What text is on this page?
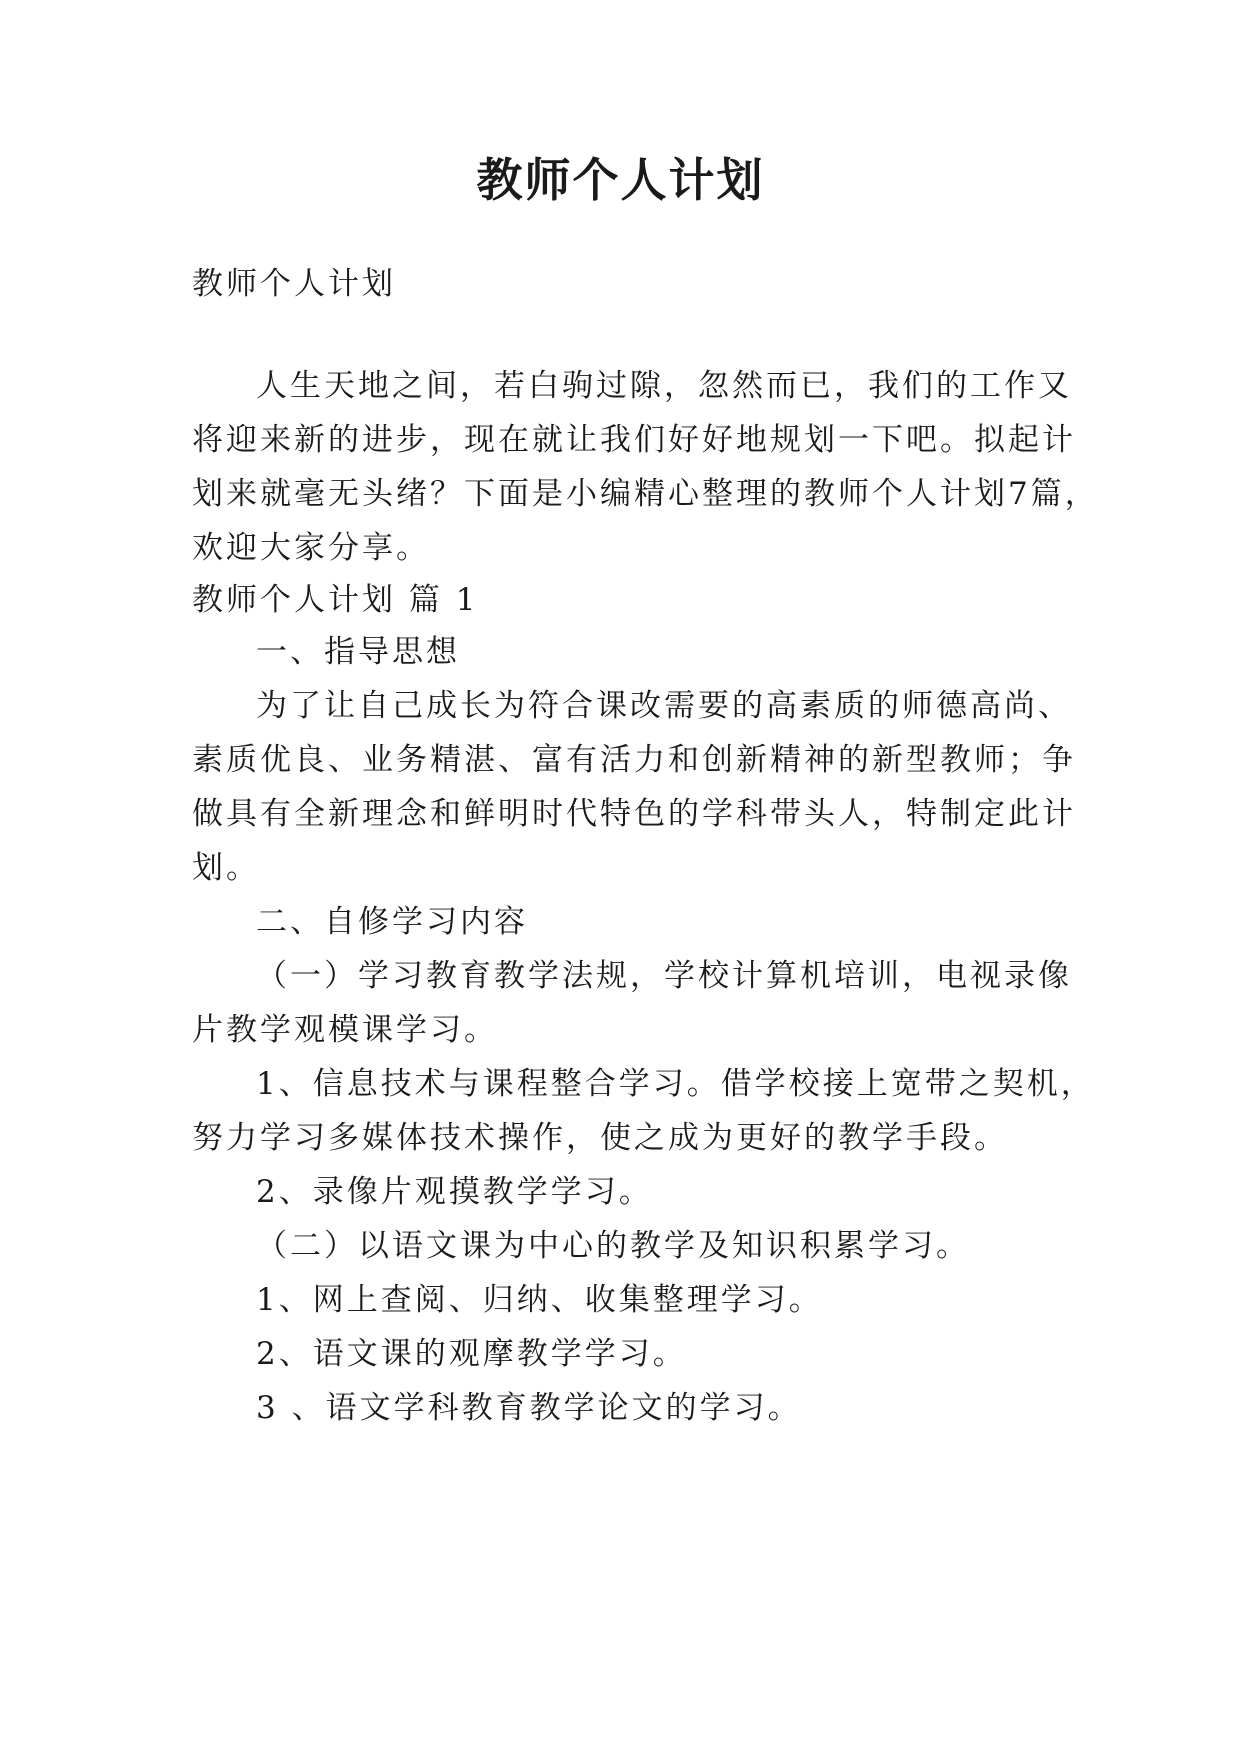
教师个人计划
教师个人计划
人生天地之间，若白驹过隙，忽然而已，我们的工作又
将迎来新的进步，现在就让我们好好地规划一下吧。拟起计
划来就毫无头绪？下面是小编精心整理的教师个人计划7篇，
欢迎大家分享。
教师个人计划 篇 1
一、指导思想
为了让自己成长为符合课改需要的高素质的师德高尚、
素质优良、业务精湛、富有活力和创新精神的新型教师；争
做具有全新理念和鲜明时代特色的学科带头人，特制定此计
划。
二、自修学习内容
（一）学习教育教学法规，学校计算机培训，电视录像
片教学观模课学习。
1、信息技术与课程整合学习。借学校接上宽带之契机，
努力学习多媒体技术操作，使之成为更好的教学手段。
2、录像片观摸教学学习。
（二）以语文课为中心的教学及知识积累学习。
1、网上查阅、归纳、收集整理学习。
2、语文课的观摩教学学习。
3 、语文学科教育教学论文的学习。
